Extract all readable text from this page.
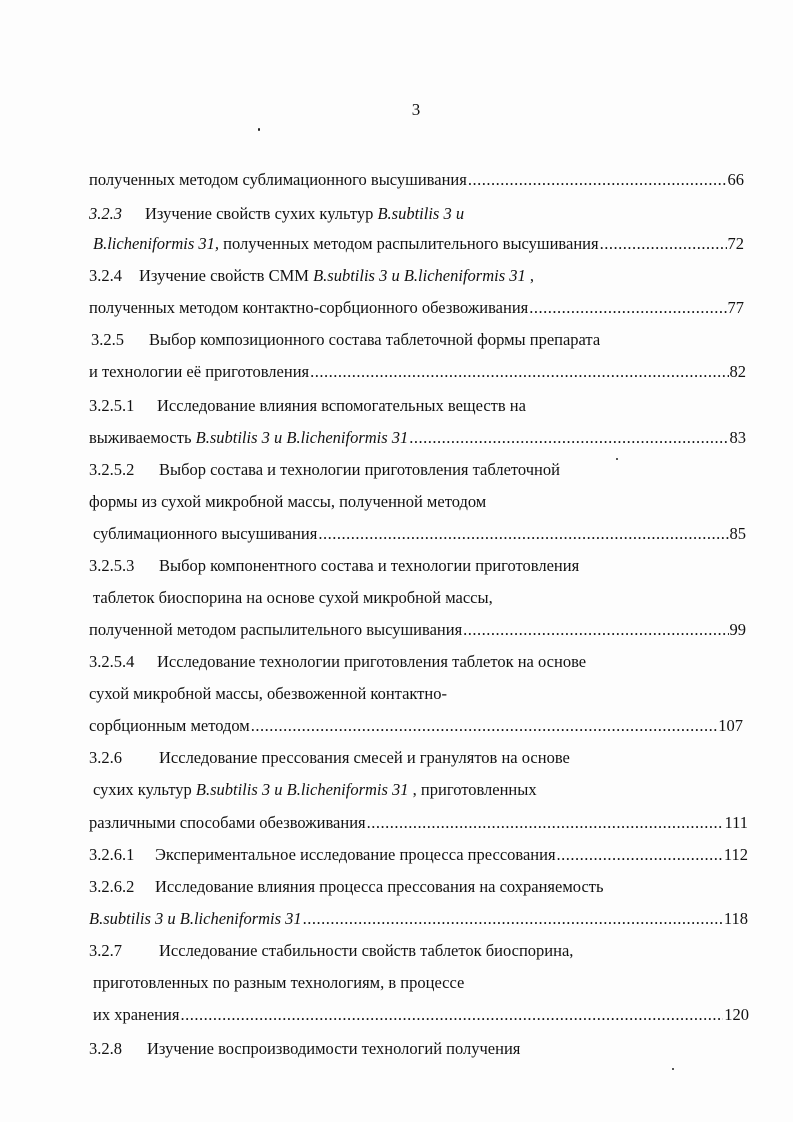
3
полученных методом сублимационного высушивания .....	66
3.2.3 Изучение свойств сухих культур B.subtilis 3 и
B.licheniformis 31, полученных методом распылительного высушивания .....	72
3.2.4 Изучение свойств СММ B.subtilis 3 и B.licheniformis 31 ,
полученных методом контактно-сорбционного обезвоживания .....	77
3.2.5 Выбор композиционного состава таблеточной формы препарата
и технологии её приготовления .....	82
3.2.5.1 Исследование влияния вспомогательных веществ на
выживаемость B.subtilis 3 и B.licheniformis 31 .....	83
3.2.5.2 Выбор состава и технологии приготовления таблеточной
формы из сухой микробной массы, полученной методом
сублимационного высушивания .....	85
3.2.5.3 Выбор компонентного состава и технологии приготовления
таблеток биоспорина на основе сухой микробной массы,
полученной методом распылительного высушивания .....	99
3.2.5.4 Исследование технологии приготовления таблеток на основе
сухой микробной массы, обезвоженной контактно-
сорбционным методом .....	107
3.2.6 Исследование прессования смесей и гранулятов на основе
сухих культур B.subtilis 3 и B.licheniformis 31 , приготовленных
различными способами обезвоживания .....	111
3.2.6.1 Экспериментальное исследование процесса прессования .....	112
3.2.6.2 Исследование влияния процесса прессования на сохраняемость
B.subtilis 3 и B.licheniformis 31 .....	118
3.2.7 Исследование стабильности свойств таблеток биоспорина,
приготовленных по разным технологиям, в процессе
их хранения .....	120
3.2.8 Изучение воспроизводимости технологий получения
